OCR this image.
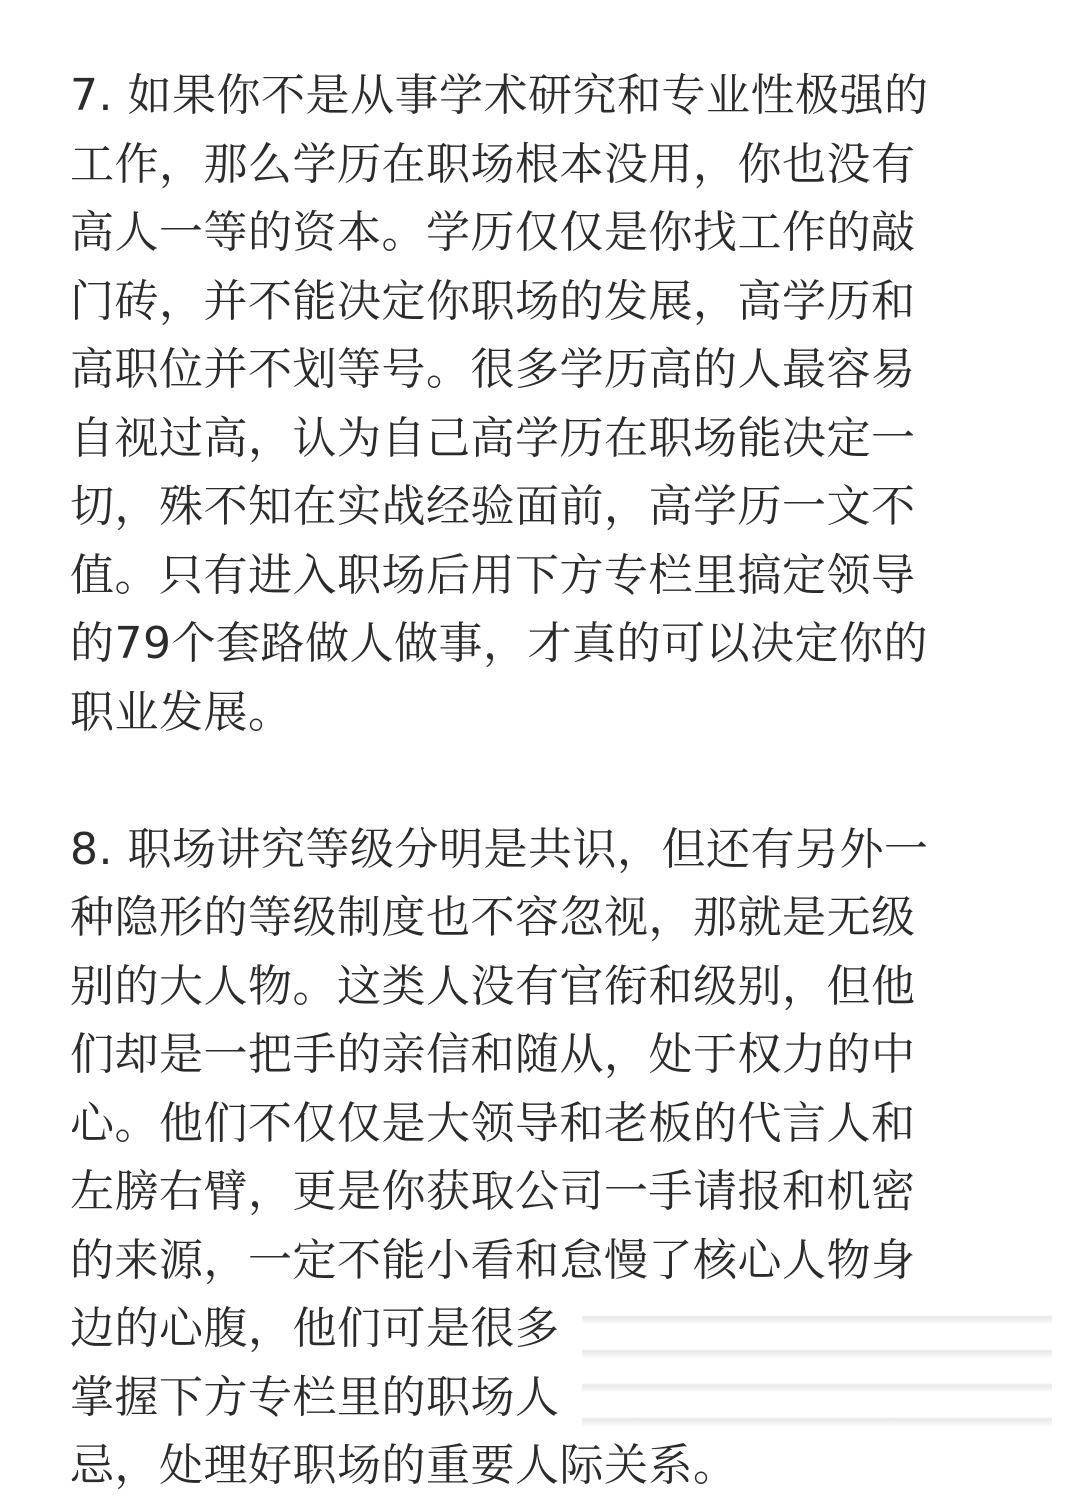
7. 如果你不是从事学术研究和专业性极强的
工作，那么学历在职场根本没用，你也没有
高人一等的资本。学历仅仅是你找工作的敲
门砖，并不能决定你职场的发展，高学历和
高职位并不划等号。很多学历高的人最容易
自视过高，认为自己高学历在职场能决定一
切，殊不知在实战经验面前，高学历一文不
值。只有进入职场后用下方专栏里搞定领导
的79个套路做人做事，才真的可以决定你的
职业发展。

8. 职场讲究等级分明是共识，但还有另外一
种隐形的等级制度也不容忽视，那就是无级
别的大人物。这类人没有官衔和级别，但他
们却是一把手的亲信和随从，处于权力的中
心。他们不仅仅是大领导和老板的代言人和
左膀右臂，更是你获取公司一手请报和机密
的来源，一定不能小看和怠慢了核心人物身
边的心腹，他们可是很多
掌握下方专栏里的职场人
忌，处理好职场的重要人际关系。
